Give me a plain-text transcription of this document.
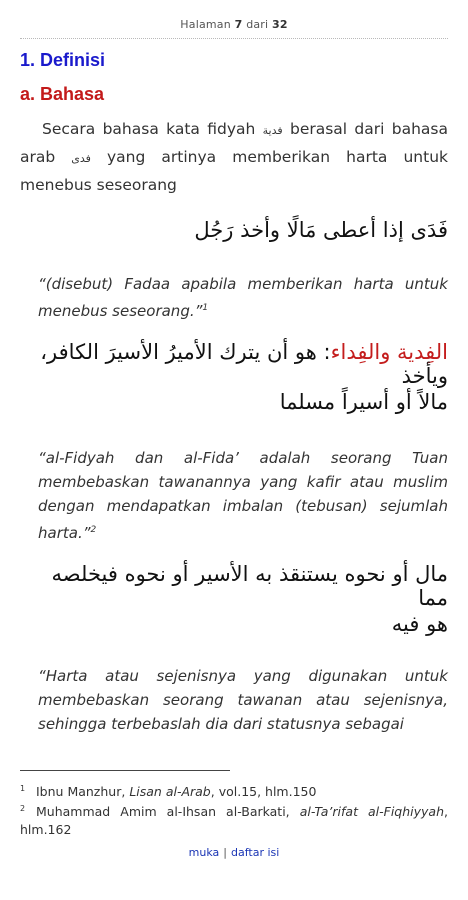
Halaman 7 dari 32
1. Definisi
a. Bahasa
Secara bahasa kata fidyah فدية berasal dari bahasa arab فدى yang artinya memberikan harta untuk menebus seseorang
فَدَى إذا أعطى مَالًا وأخذ رَجُل
“(disebut) Fadaa apabila memberikan harta untuk menebus seseorang.”$^1$
الفِدية والفِداء: هو أن يترك الأميرُ الأسيرَ الكافر، ويأخذ
مالاً أو أسيراً مسلما
“al-Fidyah dan al-Fida’ adalah seorang Tuan membebaskan tawanannya yang kafir atau muslim dengan mendapatkan imbalan (tebusan) sejumlah harta.”$^2$
مال أو نحوه يستنقذ به الأسير أو نحوه فيخلصه مما
هو فيه
“Harta atau sejenisnya yang digunakan untuk membebaskan seorang tawanan atau sejenisnya, sehingga terbebaslah dia dari statusnya sebagai
$^1$ Ibnu Manzhur, Lisan al-Arab, vol.15, hlm.150
$^2$ Muhammad Amim al-Ihsan al-Barkati, al-Ta’rifat al-Fiqhiyyah, hlm.162
muka | daftar isi
